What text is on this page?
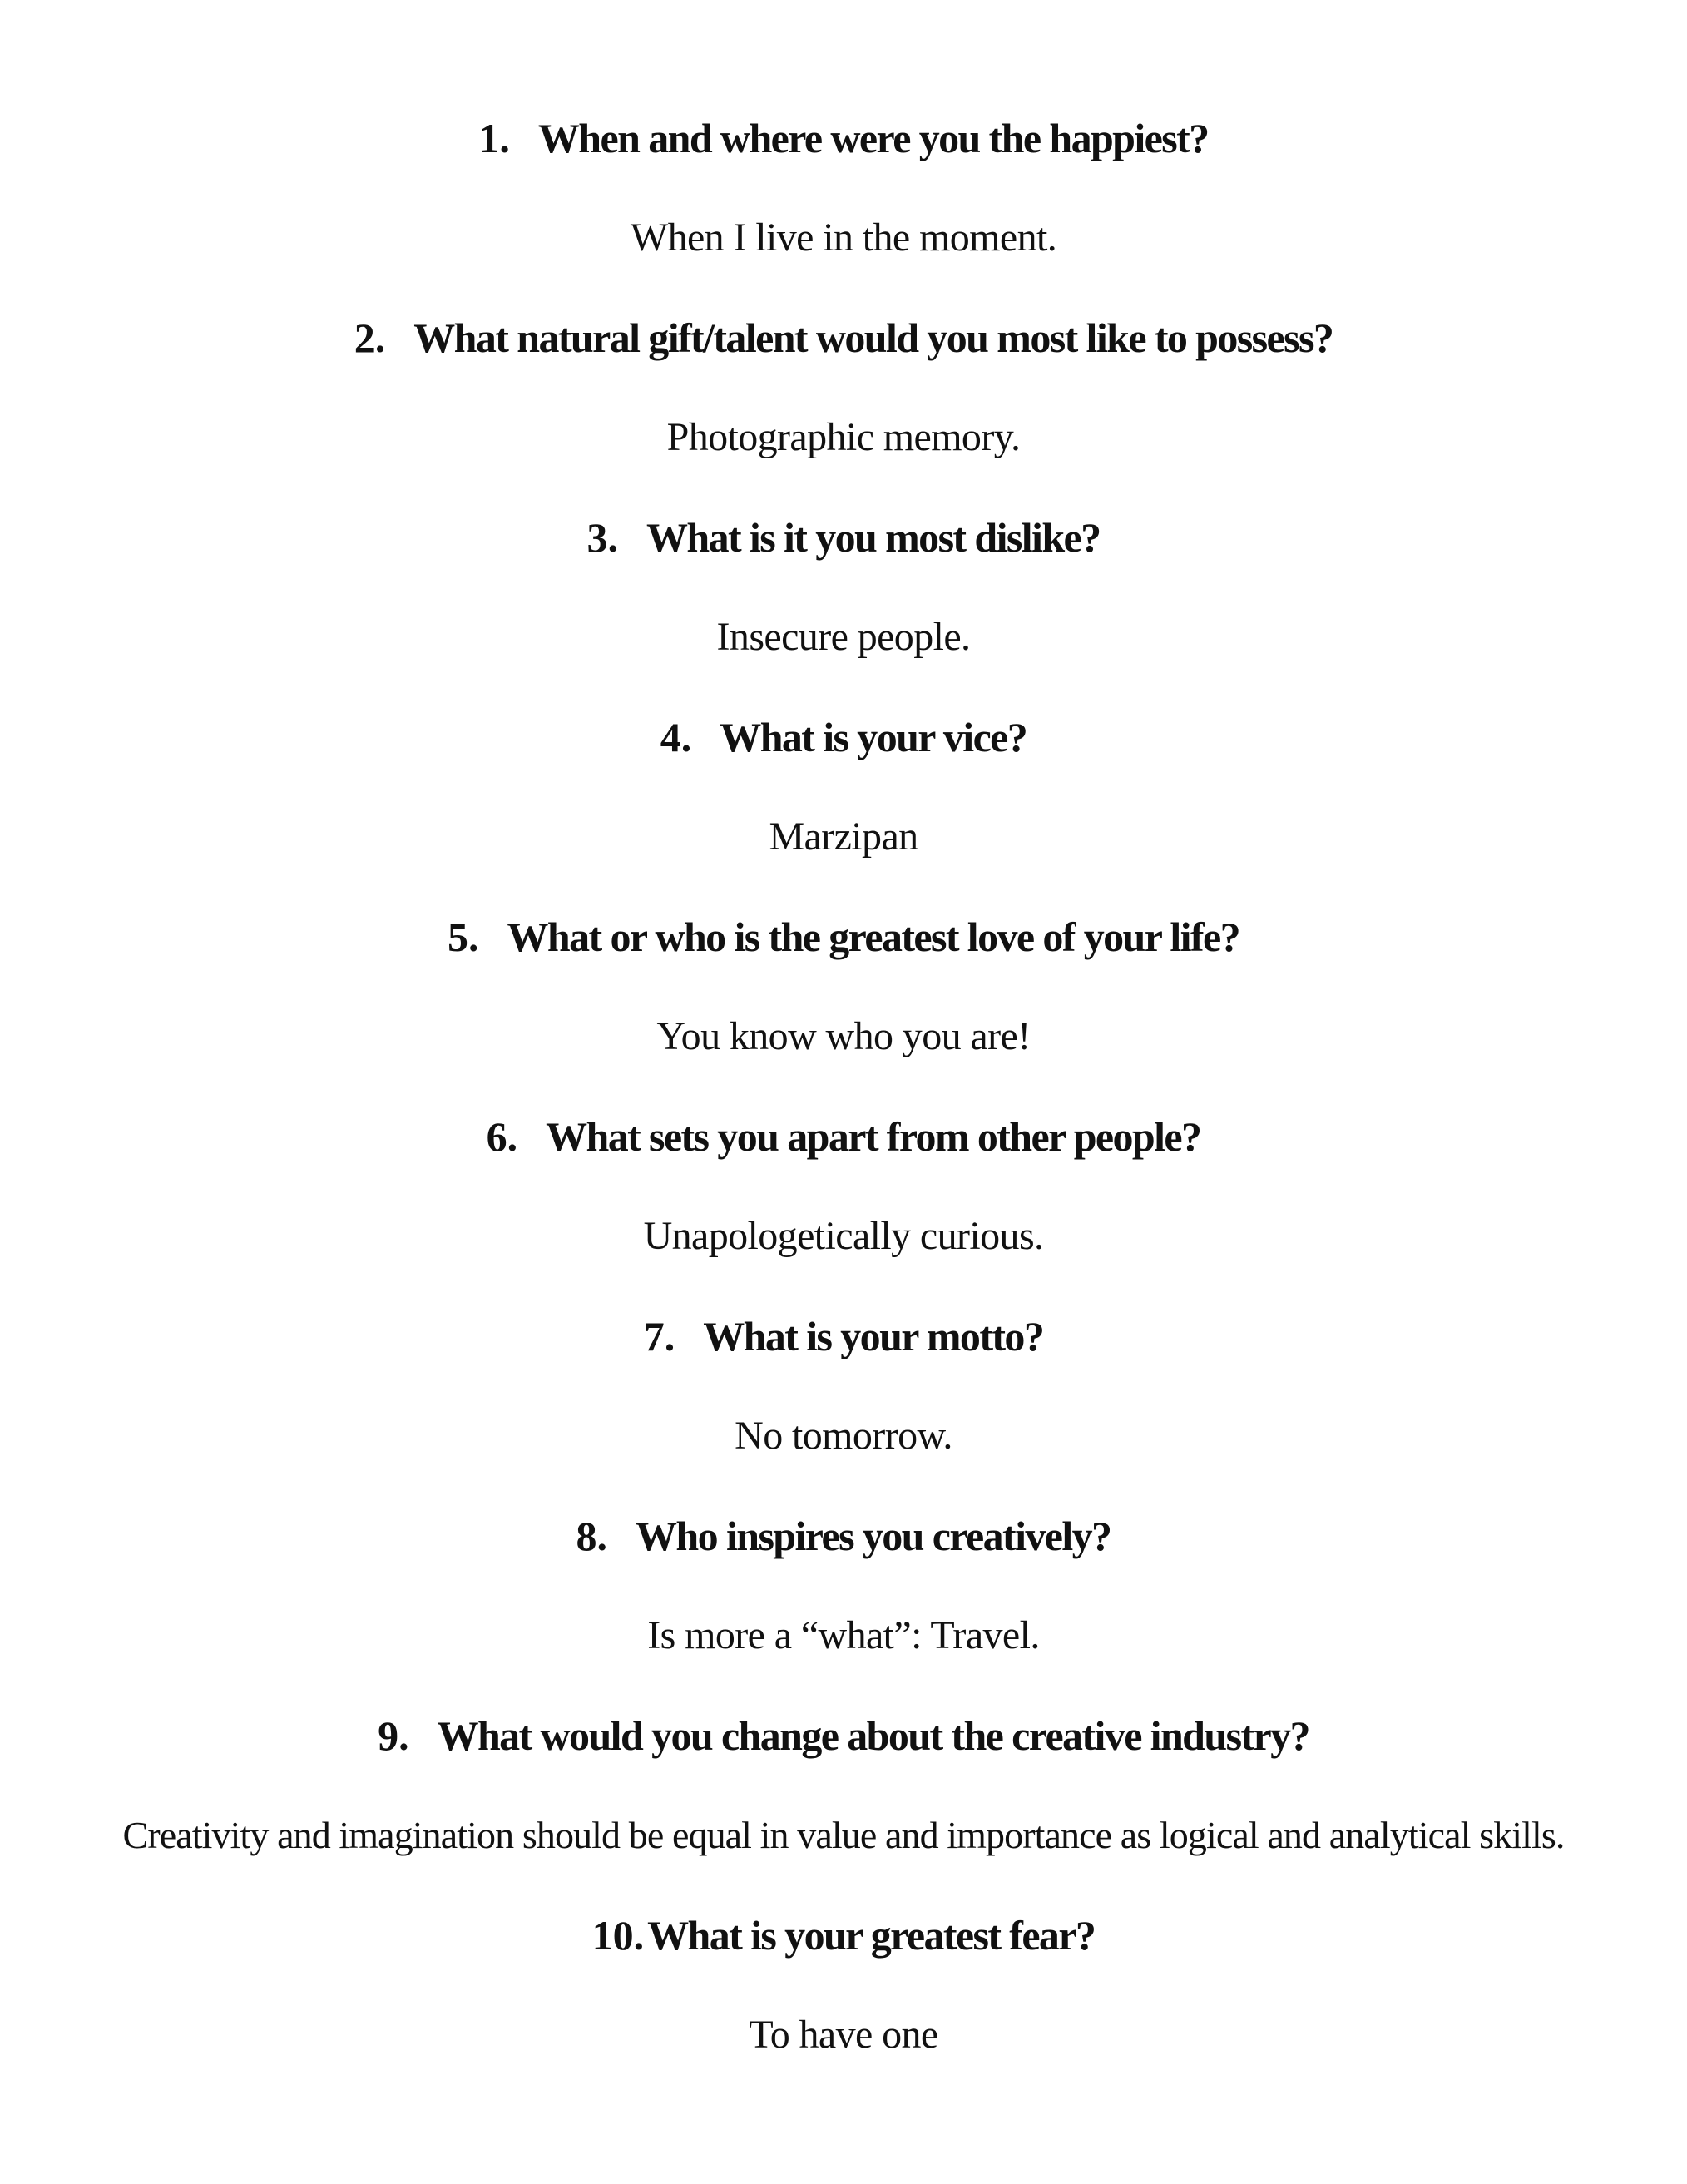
1. When and where were you the happiest?

When I live in the moment.

2. What natural gift/talent would you most like to possess?

Photographic memory.

3. What is it you most dislike?

Insecure people.

4. What is your vice?

Marzipan

5. What or who is the greatest love of your life?

You know who you are!

6. What sets you apart from other people?

Unapologetically curious.

7. What is your motto?

No tomorrow.

8. Who inspires you creatively?

Is more a “what”: Travel.

9. What would you change about the creative industry?

Creativity and imagination should be equal in value and importance as logical and analytical skills.

10.What is your greatest fear?

To have one
